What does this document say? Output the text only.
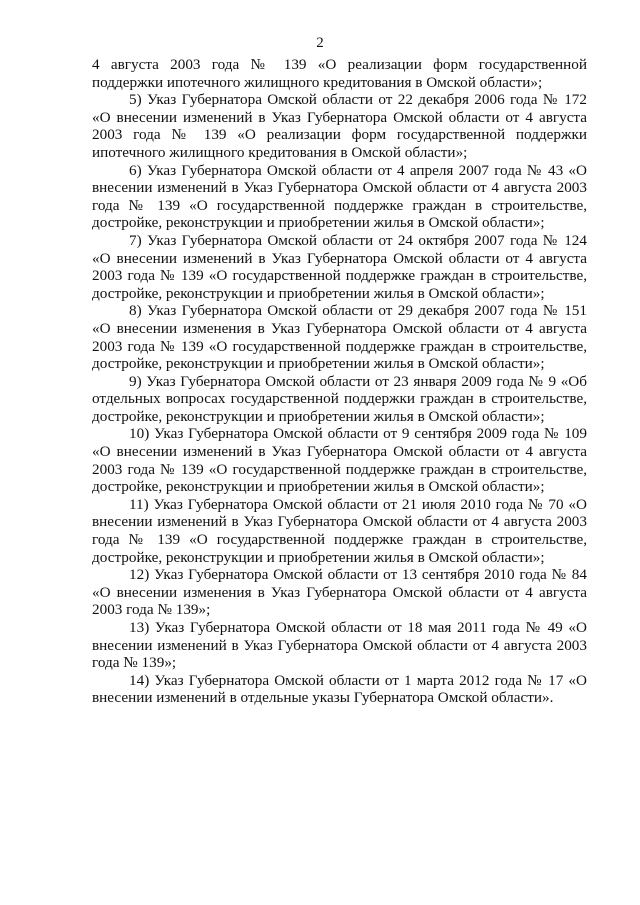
2

4 августа 2003 года № 139 «О реализации форм государственной поддержки ипотечного жилищного кредитования в Омской области»;

5) Указ Губернатора Омской области от 22 декабря 2006 года № 172 «О внесении изменений в Указ Губернатора Омской области от 4 августа 2003 года № 139 «О реализации форм государственной поддержки ипотечного жилищного кредитования в Омской области»;

6) Указ Губернатора Омской области от 4 апреля 2007 года № 43 «О внесении изменений в Указ Губернатора Омской области от 4 августа 2003 года № 139 «О государственной поддержке граждан в строительстве, достройке, реконструкции и приобретении жилья в Омской области»;

7) Указ Губернатора Омской области от 24 октября 2007 года № 124 «О внесении изменений в Указ Губернатора Омской области от 4 августа 2003 года № 139 «О государственной поддержке граждан в строительстве, достройке, реконструкции и приобретении жилья в Омской области»;

8) Указ Губернатора Омской области от 29 декабря 2007 года № 151 «О внесении изменения в Указ Губернатора Омской области от 4 августа 2003 года № 139 «О государственной поддержке граждан в строительстве, достройке, реконструкции и приобретении жилья в Омской области»;

9) Указ Губернатора Омской области от 23 января 2009 года № 9 «Об отдельных вопросах государственной поддержки граждан в строительстве, достройке, реконструкции и приобретении жилья в Омской области»;

10) Указ Губернатора Омской области от 9 сентября 2009 года № 109 «О внесении изменений в Указ Губернатора Омской области от 4 августа 2003 года № 139 «О государственной поддержке граждан в строительстве, достройке, реконструкции и приобретении жилья в Омской области»;

11) Указ Губернатора Омской области от 21 июля 2010 года № 70 «О внесении изменений в Указ Губернатора Омской области от 4 августа 2003 года № 139 «О государственной поддержке граждан в строительстве, достройке, реконструкции и приобретении жилья в Омской области»;

12) Указ Губернатора Омской области от 13 сентября 2010 года № 84 «О внесении изменения в Указ Губернатора Омской области от 4 августа 2003 года № 139»;

13) Указ Губернатора Омской области от 18 мая 2011 года № 49 «О внесении изменений в Указ Губернатора Омской области от 4 августа 2003 года № 139»;

14) Указ Губернатора Омской области от 1 марта 2012 года № 17 «О внесении изменений в отдельные указы Губернатора Омской области».
